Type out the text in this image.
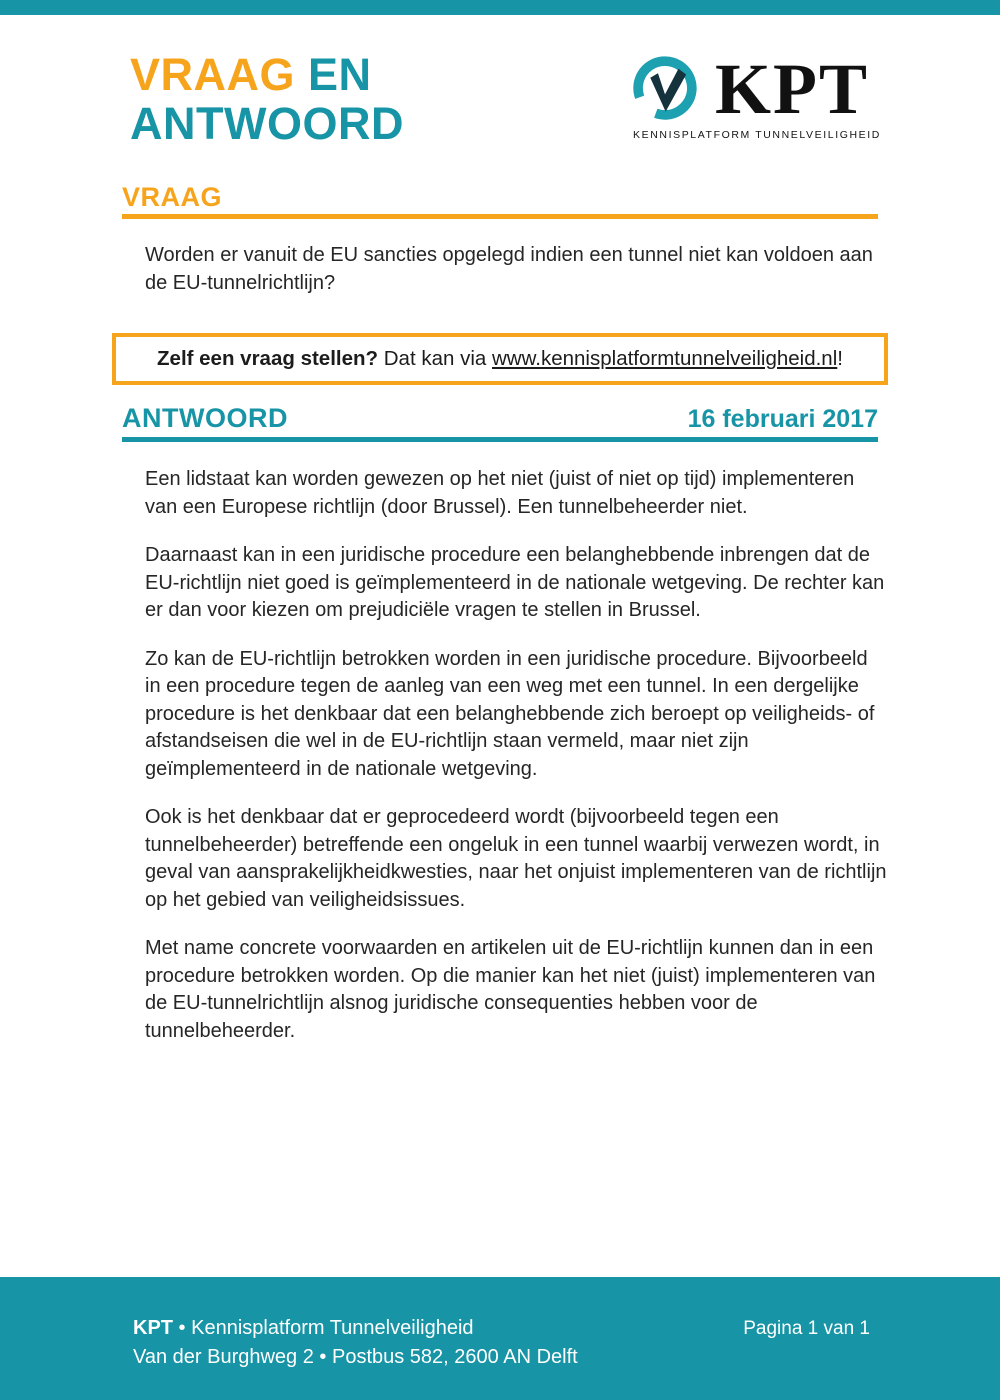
VRAAG EN
ANTWOORD	KPT
KENNISPLATFORM TUNNELVEILIGHEID
VRAAG
Worden er vanuit de EU sancties opgelegd indien een tunnel niet kan voldoen aan de EU-tunnelrichtlijn?
Zelf een vraag stellen? Dat kan via www.kennisplatformtunnelveiligheid.nl!
ANTWOORD	16 februari 2017

Een lidstaat kan worden gewezen op het niet (juist of niet op tijd) implementeren van een Europese richtlijn (door Brussel). Een tunnelbeheerder niet.

Daarnaast kan in een juridische procedure een belanghebbende inbrengen dat de EU-richtlijn niet goed is geïmplementeerd in de nationale wetgeving. De rechter kan er dan voor kiezen om prejudiciële vragen te stellen in Brussel.

Zo kan de EU-richtlijn betrokken worden in een juridische procedure. Bijvoorbeeld in een procedure tegen de aanleg van een weg met een tunnel. In een dergelijke procedure is het denkbaar dat een belanghebbende zich beroept op veiligheids- of afstandseisen die wel in de EU-richtlijn staan vermeld, maar niet zijn geïmplementeerd in de nationale wetgeving.

Ook is het denkbaar dat er geprocedeerd wordt (bijvoorbeeld tegen een tunnelbeheerder) betreffende een ongeluk in een tunnel waarbij verwezen wordt, in geval van aansprakelijkheidkwesties, naar het onjuist implementeren van de richtlijn op het gebied van veiligheidsissues.

Met name concrete voorwaarden en artikelen uit de EU-richtlijn kunnen dan in een procedure betrokken worden. Op die manier kan het niet (juist) implementeren van de EU-tunnelrichtlijn alsnog juridische consequenties hebben voor de tunnelbeheerder.

KPT • Kennisplatform Tunnelveiligheid	Pagina 1 van 1
Van der Burghweg 2 • Postbus 582, 2600 AN Delft
